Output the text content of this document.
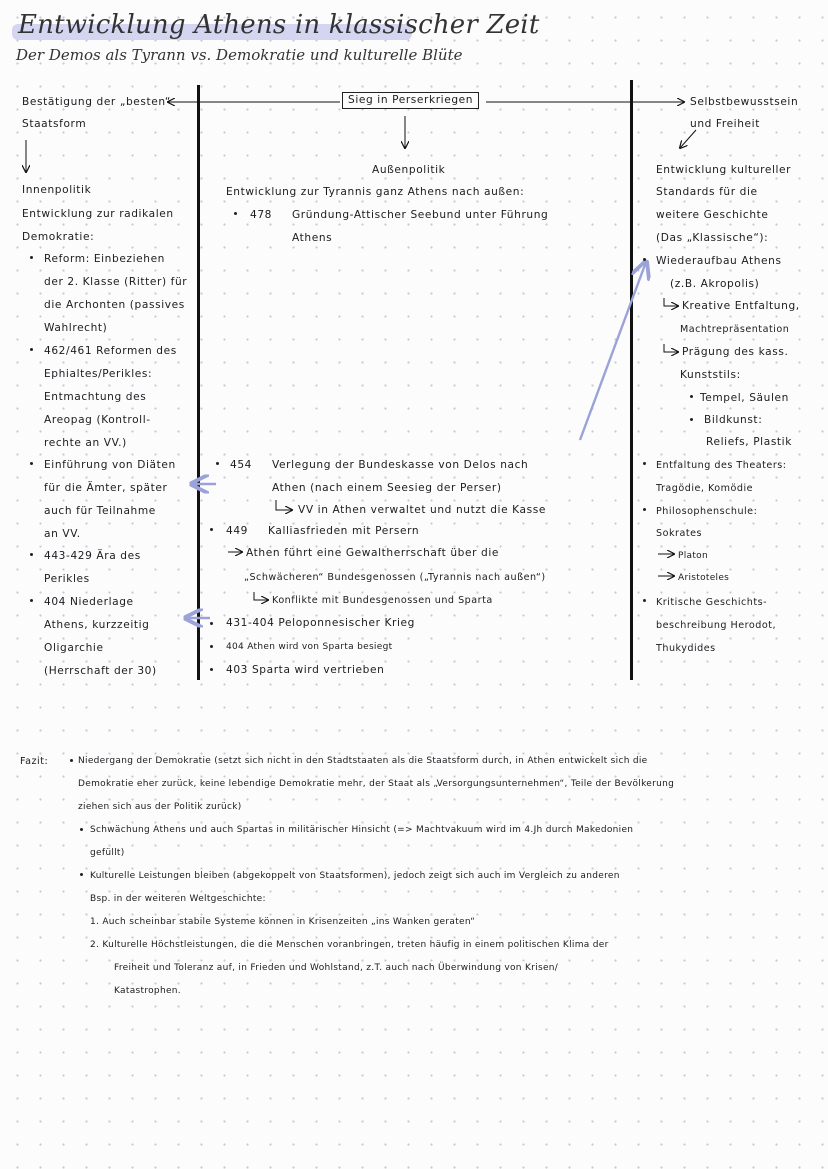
Entwicklung Athens in klassischer Zeit
Der Demos als Tyrann vs. Demokratie und kulturelle Blüte
Bestätigung der „besten“
Staatsform
Sieg in Perserkriegen	Selbstbewusstsein
und Freiheit
Innenpolitik
Entwicklung zur radikalen
Demokratie:
Reform: Einbeziehen
der 2. Klasse (Ritter) für
die Archonten (passives
Wahlrecht)
462/461 Reformen des
Ephialtes/Perikles:
Entmachtung des
Areopag (Kontroll-
rechte an VV.)
Einführung von Diäten
für die Ämter, später
auch für Teilnahme
an VV.
443-429 Ära des
Perikles
404 Niederlage
Athens, kurzzeitig
Oligarchie
(Herrschaft der 30)
Außenpolitik
Entwicklung zur Tyrannis ganz Athens nach außen:
478 Gründung-Attischer Seebund unter Führung
Athens
454 Verlegung der Bundeskasse von Delos nach
Athen (nach einem Seesieg der Perser)
VV in Athen verwaltet und nutzt die Kasse
449 Kalliasfrieden mit Persern
Athen führt eine Gewaltherrschaft über die
„Schwächeren“ Bundesgenossen („Tyrannis nach außen“)
Konflikte mit Bundesgenossen und Sparta
431-404 Peloponnesischer Krieg
404 Athen wird von Sparta besiegt
403 Sparta wird vertrieben
Entwicklung kultureller
Standards für die
weitere Geschichte
(Das „Klassische“):
Wiederaufbau Athens
(z.B. Akropolis)
Kreative Entfaltung,
Machtrepräsentation
Prägung des kass.
Kunststils:
Tempel, Säulen
Bildkunst:
Reliefs, Plastik
Entfaltung des Theaters:
Tragödie, Komödie
Philosophenschule:
Sokrates
Platon
Aristoteles
Kritische Geschichts-
beschreibung Herodot,
Thukydides
Fazit:	Niedergang der Demokratie (setzt sich nicht in den Stadtstaaten als die Staatsform durch, in Athen entwickelt sich die
Demokratie eher zurück, keine lebendige Demokratie mehr, der Staat als „Versorgungsunternehmen“, Teile der Bevölkerung
ziehen sich aus der Politik zurück)
Schwächung Athens und auch Spartas in militärischer Hinsicht (=> Machtvakuum wird im 4.Jh durch Makedonien
gefüllt)
Kulturelle Leistungen bleiben (abgekoppelt von Staatsformen), jedoch zeigt sich auch im Vergleich zu anderen
Bsp. in der weiteren Weltgeschichte:
1. Auch scheinbar stabile Systeme können in Krisenzeiten „ins Wanken geraten“
2. Kulturelle Höchstleistungen, die die Menschen voranbringen, treten häufig in einem politischen Klima der
Freiheit und Toleranz auf, in Frieden und Wohlstand, z.T. auch nach Überwindung von Krisen/
Katastrophen.
